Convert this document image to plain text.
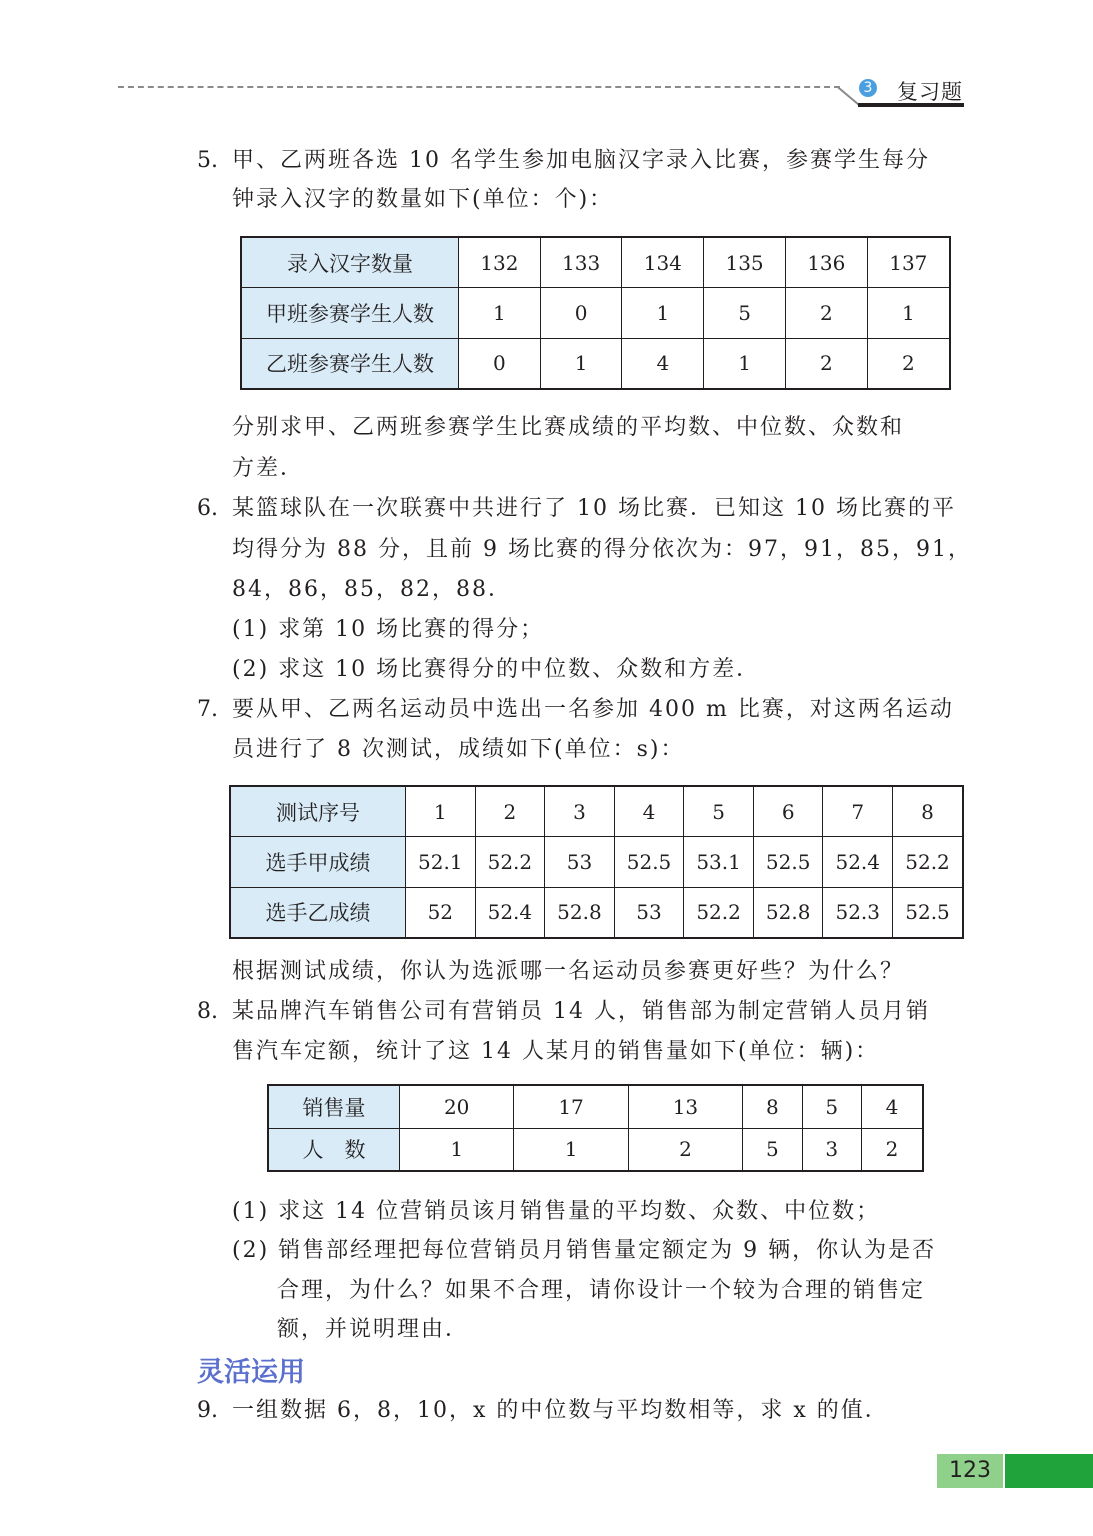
3 复习题
5. 甲、乙两班各选 10 名学生参加电脑汉字录入比赛，参赛学生每分
钟录入汉字的数量如下(单位：个)：
录入汉字数量	132	133	134	135	136	137
甲班参赛学生人数	1	0	1	5	2	1
乙班参赛学生人数	0	1	4	1	2	2
分别求甲、乙两班参赛学生比赛成绩的平均数、中位数、众数和
方差．
6. 某篮球队在一次联赛中共进行了 10 场比赛．已知这 10 场比赛的平
均得分为 88 分，且前 9 场比赛的得分依次为：97，91，85，91，
84，86，85，82，88．
(1) 求第 10 场比赛的得分；
(2) 求这 10 场比赛得分的中位数、众数和方差．
7. 要从甲、乙两名运动员中选出一名参加 400 m 比赛，对这两名运动
员进行了 8 次测试，成绩如下(单位：s)：
测试序号	1	2	3	4	5	6	7	8
选手甲成绩	52.1	52.2	53	52.5	53.1	52.5	52.4	52.2
选手乙成绩	52	52.4	52.8	53	52.2	52.8	52.3	52.5
根据测试成绩，你认为选派哪一名运动员参赛更好些？为什么？
8. 某品牌汽车销售公司有营销员 14 人，销售部为制定营销人员月销
售汽车定额，统计了这 14 人某月的销售量如下(单位：辆)：
销售量	20	17	13	8	5	4
人　数	1	1	2	5	3	2
(1) 求这 14 位营销员该月销售量的平均数、众数、中位数；
(2) 销售部经理把每位营销员月销售量定额定为 9 辆，你认为是否
合理，为什么？如果不合理，请你设计一个较为合理的销售定
额，并说明理由．
灵活运用
9. 一组数据 6，8，10，x 的中位数与平均数相等，求 x 的值．
123
